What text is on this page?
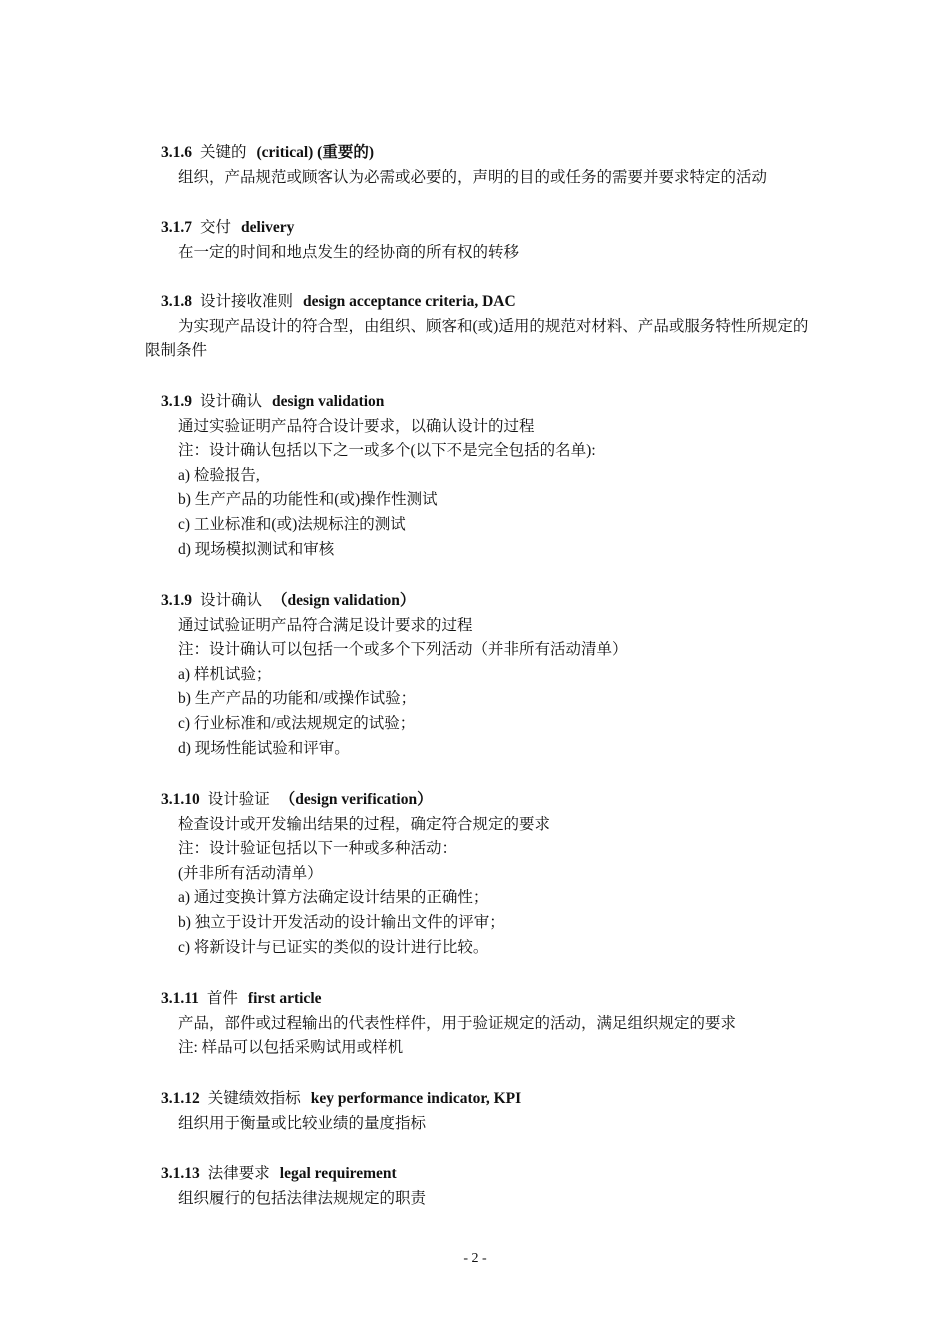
3.1.6 关键的 (critical) (重要的)
组织，产品规范或顾客认为必需或必要的，声明的目的或任务的需要并要求特定的活动
3.1.7 交付 delivery
在一定的时间和地点发生的经协商的所有权的转移
3.1.8 设计接收准则 design acceptance criteria, DAC
为实现产品设计的符合型，由组织、顾客和(或)适用的规范对材料、产品或服务特性所规定的限制条件
3.1.9 设计确认 design validation
通过实验证明产品符合设计要求，以确认设计的过程
注：设计确认包括以下之一或多个(以下不是完全包括的名单):
a) 检验报告,
b) 生产产品的功能性和(或)操作性测试
c) 工业标准和(或)法规标注的测试
d) 现场模拟测试和审核
3.1.9 设计确认 （design validation）
通过试验证明产品符合满足设计要求的过程
注：设计确认可以包括一个或多个下列活动（并非所有活动清单）
a) 样机试验；
b) 生产产品的功能和/或操作试验；
c) 行业标准和/或法规规定的试验；
d) 现场性能试验和评审。
3.1.10 设计验证 （design verification）
检查设计或开发输出结果的过程，确定符合规定的要求
注：设计验证包括以下一种或多种活动：
(并非所有活动清单）
a) 通过变换计算方法确定设计结果的正确性；
b) 独立于设计开发活动的设计输出文件的评审；
c) 将新设计与已证实的类似的设计进行比较。
3.1.11 首件 first article
产品，部件或过程输出的代表性样件，用于验证规定的活动，满足组织规定的要求
注: 样品可以包括采购试用或样机
3.1.12 关键绩效指标 key performance indicator, KPI
组织用于衡量或比较业绩的量度指标
3.1.13 法律要求 legal requirement
组织履行的包括法律法规规定的职责
- 2 -
